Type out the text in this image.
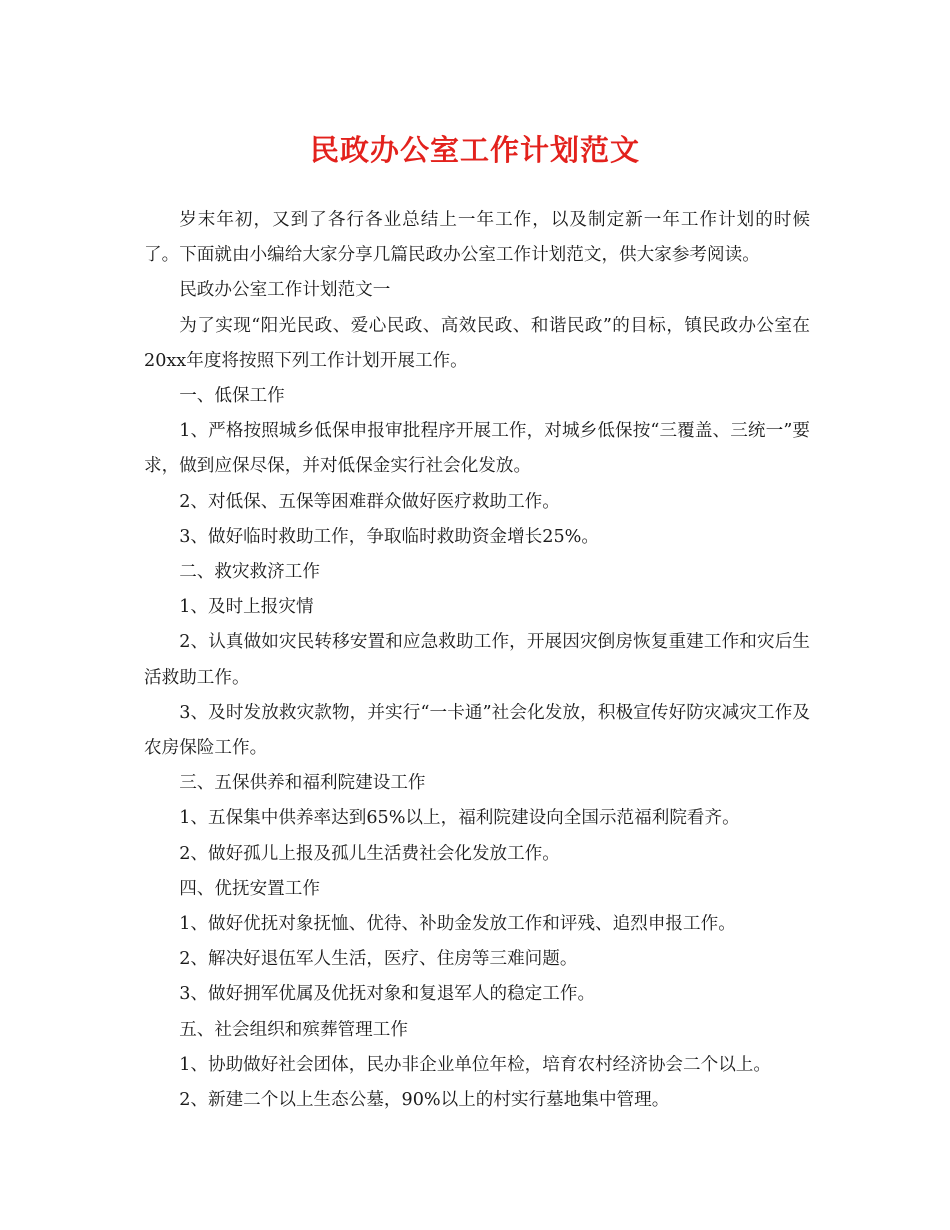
民政办公室工作计划范文

岁末年初，又到了各行各业总结上一年工作，以及制定新一年工作计划的时候了。下面就由小编给大家分享几篇民政办公室工作计划范文，供大家参考阅读。

民政办公室工作计划范文一

为了实现“阳光民政、爱心民政、高效民政、和谐民政”的目标，镇民政办公室在20xx年度将按照下列工作计划开展工作。

一、低保工作

1、严格按照城乡低保申报审批程序开展工作，对城乡低保按“三覆盖、三统一”要求，做到应保尽保，并对低保金实行社会化发放。

2、对低保、五保等困难群众做好医疗救助工作。

3、做好临时救助工作，争取临时救助资金增长25%。

二、救灾救济工作

1、及时上报灾情

2、认真做如灾民转移安置和应急救助工作，开展因灾倒房恢复重建工作和灾后生活救助工作。

3、及时发放救灾款物，并实行“一卡通”社会化发放，积极宣传好防灾减灾工作及农房保险工作。

三、五保供养和福利院建设工作

1、五保集中供养率达到65%以上，福利院建设向全国示范福利院看齐。

2、做好孤儿上报及孤儿生活费社会化发放工作。

四、优抚安置工作

1、做好优抚对象抚恤、优待、补助金发放工作和评残、追烈申报工作。

2、解决好退伍军人生活，医疗、住房等三难问题。

3、做好拥军优属及优抚对象和复退军人的稳定工作。

五、社会组织和殡葬管理工作

1、协助做好社会团体，民办非企业单位年检，培育农村经济协会二个以上。

2、新建二个以上生态公墓，90%以上的村实行墓地集中管理。
